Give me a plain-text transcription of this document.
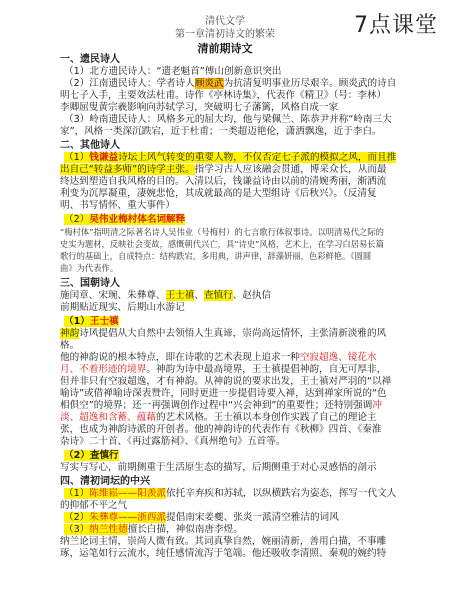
7点课堂
清代文学
第一章清初诗文的繁荣
清前期诗文
一、遗民诗人
（1）北方遗民诗人：“遗老魁首”傅山创新意识突出
（2）江南遗民诗人：学者诗人顾炎武为抗清复明事业历尽艰辛。顾炎武的诗自
明七子入手，主要效法杜甫。诗作《亭林诗集》，代表作《精卫》（号：李林）
李卿屈叟黄宗羲影响向苏轼学习，突破明七子藩篱，风格自成一家
（3）岭南遗民诗人：风格多元的屈大均，他与梁佩兰、陈恭尹并称“岭南三大
家”，风格一类深沉跌宕，近于杜甫；一类超迈艳伦，潇洒飘逸，近于李白。
二、其他诗人
（1）钱谦益诗坛上风气转变的重要人物，不仅否定七子派的模拟之风，而且推
出自己“转益多师”的诗学主张。指学习古人应该融会贯通，博采众长，从而最
终达到塑造自我风格的目的。入清以后，钱谦益诗由以前的清婉秀丽，渐洒流
利变为沉厚凝重，凄婉悲怆，其成就最高的是大型组诗《后秋兴》。（反清复
明、书写情怀、重大事件）
（2）吴伟业梅村体名词解释
“梅村体”指明清之际著名诗人吴伟业（号梅村）的七言歌行体叙事诗。以明清易代之际的
史实为题材，反映社会变故，感慨朝代兴亡，具“诗史”风格，艺术上，在学习白居易长篇
歌行的基础上，自成特点：结构跌宕，多用典，讲声律，辞藻妍丽，色彩鲜艳。《圆圆
曲》为代表作。
三、国朝诗人
施闰章、宋琬、朱彝尊、王士禛、查慎行、赵执信
前期贴近现实、后期山水游记
（1）王士禛
神韵诗风提倡从大自然中去领悟人生真谛，崇尚高远情怀，主张清新淡雅的风
格。
他的神韵说的根本特点，即在诗歌的艺术表现上追求一种空寂超逸、镜花水
月、不着形迹的境界。神韵为诗中最高境界，王士禛提倡神韵，自无可厚非，
但并非只有空寂超逸，才有神韵。从神韵说的要求出发，王士禛对严羽的“以禅
喻诗”或借禅喻诗深表赞许，同时更进一步提倡诗要入禅，达到禅家所说的“色
相俱空”的境界；还一再强调创作过程中“兴会神到”的重要性；还特别强调冲
淡、超逸和含蓄、蕴藉的艺术风格。王士禛以本身创作实践了自己的理论主
张，也成为神韵诗派的开创者。他的神韵诗的代表作有《秋柳》四首、《秦淮
杂诗》二十首、《再过露筋祠》、《真州绝句》五首等。
（2）查慎行
写实与写心，前期侧重于生活原生态的描写，后期侧重于对心灵感悟的剖示
四、清初词坛的中兴
（1）陈维崧——阳羡派依托辛弃疾和苏轼，以纵横跌宕为姿态，挥写一代文人
的抑郁不平之气
（2）朱彝尊——浙西派提倡南宋姜夔、张炎一派清空雅洁的词风
（3）纳兰性德擅长白描，神似南唐李煜。
纳兰论词主情，崇尚人微有致。其词真挚自然，婉丽清新，善用白描，不事雕
琢，运笔如行云流水，纯任感情流泻于笔端。他还吸收李清照、秦观的婉约特
